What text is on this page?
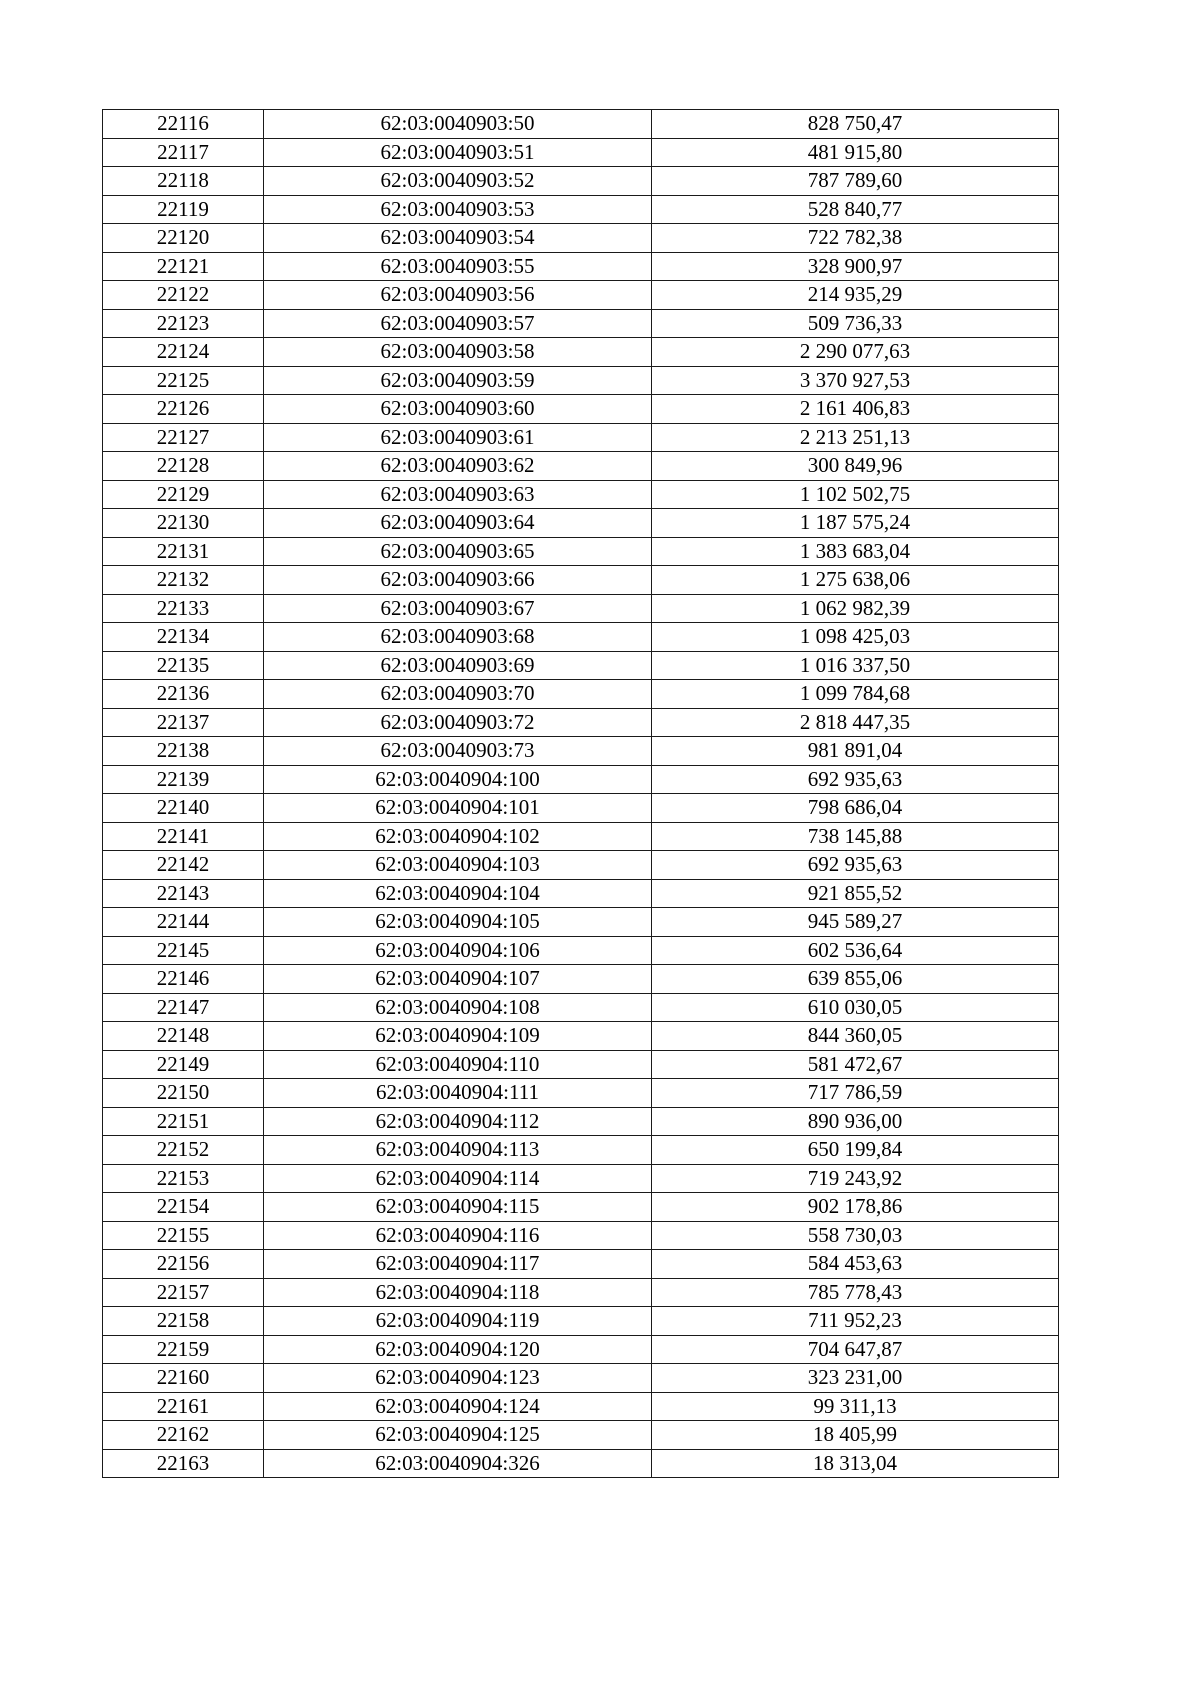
22116	62:03:0040903:50	828 750,47
22117	62:03:0040903:51	481 915,80
22118	62:03:0040903:52	787 789,60
22119	62:03:0040903:53	528 840,77
22120	62:03:0040903:54	722 782,38
22121	62:03:0040903:55	328 900,97
22122	62:03:0040903:56	214 935,29
22123	62:03:0040903:57	509 736,33
22124	62:03:0040903:58	2 290 077,63
22125	62:03:0040903:59	3 370 927,53
22126	62:03:0040903:60	2 161 406,83
22127	62:03:0040903:61	2 213 251,13
22128	62:03:0040903:62	300 849,96
22129	62:03:0040903:63	1 102 502,75
22130	62:03:0040903:64	1 187 575,24
22131	62:03:0040903:65	1 383 683,04
22132	62:03:0040903:66	1 275 638,06
22133	62:03:0040903:67	1 062 982,39
22134	62:03:0040903:68	1 098 425,03
22135	62:03:0040903:69	1 016 337,50
22136	62:03:0040903:70	1 099 784,68
22137	62:03:0040903:72	2 818 447,35
22138	62:03:0040903:73	981 891,04
22139	62:03:0040904:100	692 935,63
22140	62:03:0040904:101	798 686,04
22141	62:03:0040904:102	738 145,88
22142	62:03:0040904:103	692 935,63
22143	62:03:0040904:104	921 855,52
22144	62:03:0040904:105	945 589,27
22145	62:03:0040904:106	602 536,64
22146	62:03:0040904:107	639 855,06
22147	62:03:0040904:108	610 030,05
22148	62:03:0040904:109	844 360,05
22149	62:03:0040904:110	581 472,67
22150	62:03:0040904:111	717 786,59
22151	62:03:0040904:112	890 936,00
22152	62:03:0040904:113	650 199,84
22153	62:03:0040904:114	719 243,92
22154	62:03:0040904:115	902 178,86
22155	62:03:0040904:116	558 730,03
22156	62:03:0040904:117	584 453,63
22157	62:03:0040904:118	785 778,43
22158	62:03:0040904:119	711 952,23
22159	62:03:0040904:120	704 647,87
22160	62:03:0040904:123	323 231,00
22161	62:03:0040904:124	99 311,13
22162	62:03:0040904:125	18 405,99
22163	62:03:0040904:326	18 313,04
